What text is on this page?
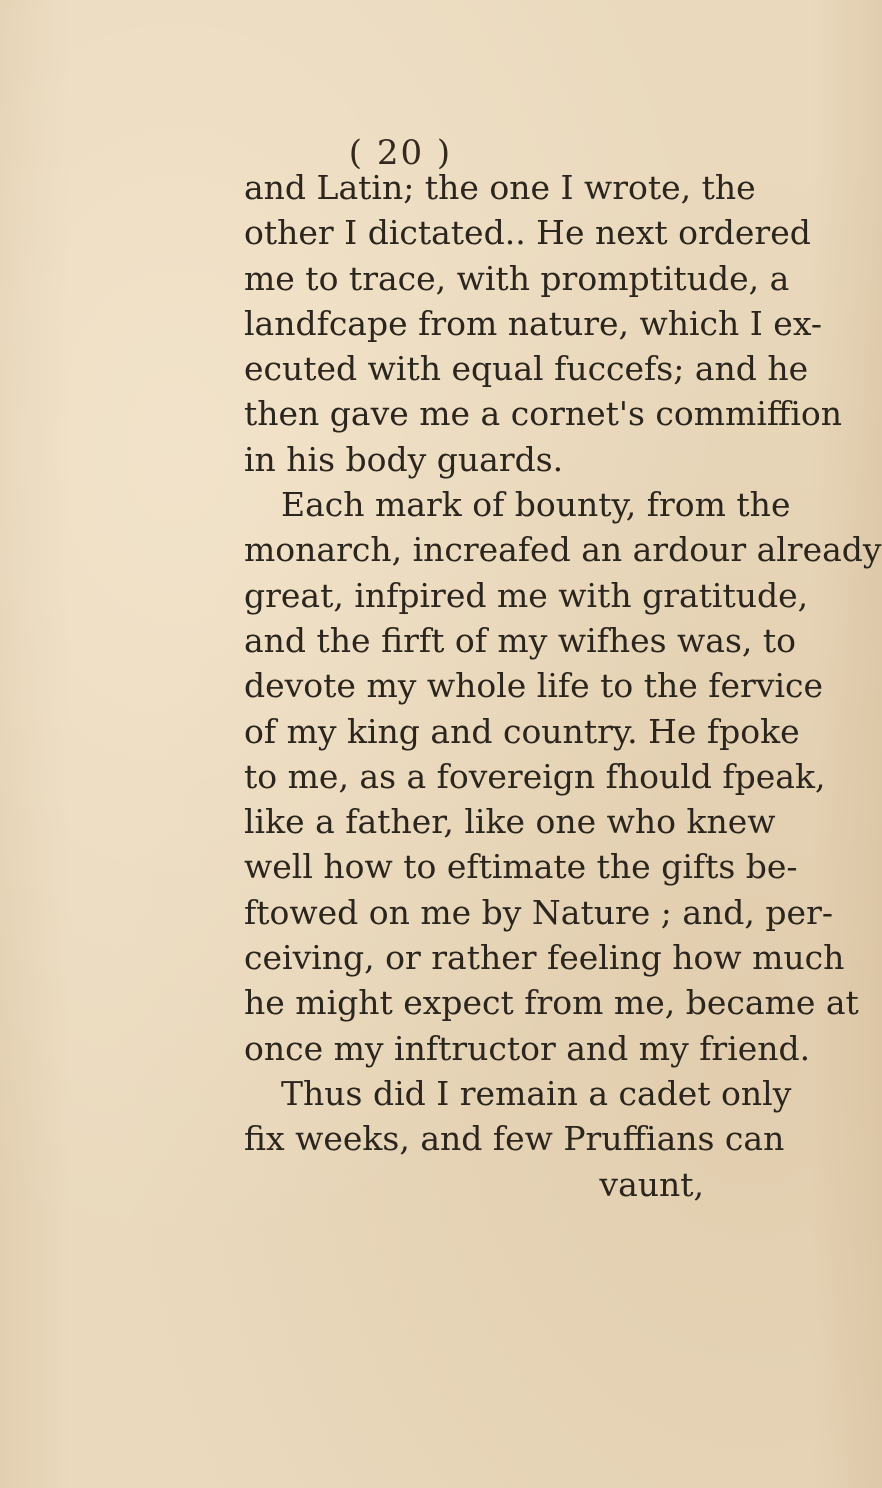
( 20 )
and Latin; the one I wrote, the
other I dictated.. He next ordered
me to trace, with promptitude, a
landfcape from nature, which I ex-
ecuted with equal fuccefs; and he
then gave me a cornet's commiffion
in his body guards.
Each mark of bounty, from the
monarch, increafed an ardour already
great, infpired me with gratitude,
and the firft of my wifhes was, to
devote my whole life to the fervice
of my king and country. He fpoke
to me, as a fovereign fhould fpeak,
like a father, like one who knew
well how to eftimate the gifts be-
ftowed on me by Nature ; and, per-
ceiving, or rather feeling how much
he might expect from me, became at
once my inftructor and my friend.
Thus did I remain a cadet only
fix weeks, and few Pruffians can
vaunt,
